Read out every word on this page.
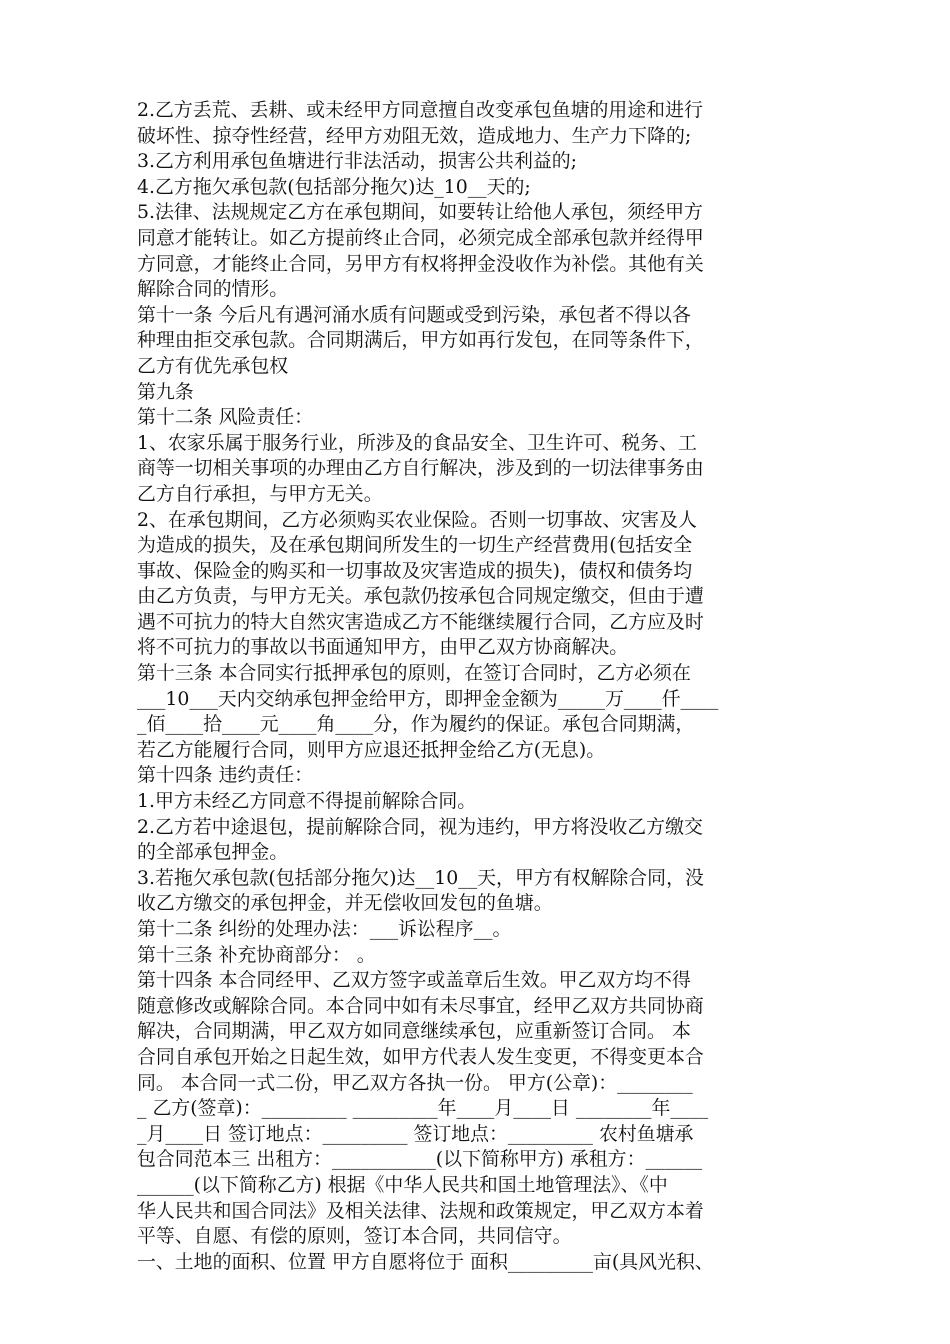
2.乙方丢荒、丢耕、或未经甲方同意擅自改变承包鱼塘的用途和进行
破坏性、掠夺性经营，经甲方劝阻无效，造成地力、生产力下降的;
3.乙方利用承包鱼塘进行非法活动，损害公共利益的;
4.乙方拖欠承包款(包括部分拖欠)达_10__天的;
5.法律、法规规定乙方在承包期间，如要转让给他人承包，须经甲方
同意才能转让。如乙方提前终止合同，必须完成全部承包款并经得甲
方同意，才能终止合同，另甲方有权将押金没收作为补偿。其他有关
解除合同的情形。
第十一条 今后凡有遇河涌水质有问题或受到污染，承包者不得以各
种理由拒交承包款。合同期满后，甲方如再行发包，在同等条件下，
乙方有优先承包权
第九条
第十二条 风险责任：
1、农家乐属于服务行业，所涉及的食品安全、卫生许可、税务、工
商等一切相关事项的办理由乙方自行解决，涉及到的一切法律事务由
乙方自行承担，与甲方无关。
2、在承包期间，乙方必须购买农业保险。否则一切事故、灾害及人
为造成的损失，及在承包期间所发生的一切生产经营费用(包括安全
事故、保险金的购买和一切事故及灾害造成的损失)，债权和债务均
由乙方负责，与甲方无关。承包款仍按承包合同规定缴交，但由于遭
遇不可抗力的特大自然灾害造成乙方不能继续履行合同，乙方应及时
将不可抗力的事故以书面通知甲方，由甲乙双方协商解决。
第十三条 本合同实行抵押承包的原则，在签订合同时，乙方必须在
___10___天内交纳承包押金给甲方，即押金金额为_____万____仟____
_佰____拾____元____角____分，作为履约的保证。承包合同期满，
若乙方能履行合同，则甲方应退还抵押金给乙方(无息)。
第十四条 违约责任：
1.甲方未经乙方同意不得提前解除合同。
2.乙方若中途退包，提前解除合同，视为违约，甲方将没收乙方缴交
的全部承包押金。
3.若拖欠承包款(包括部分拖欠)达__10__天，甲方有权解除合同，没
收乙方缴交的承包押金，并无偿收回发包的鱼塘。
第十二条 纠纷的处理办法：___诉讼程序__。
第十三条 补充协商部分： 。
第十四条 本合同经甲、乙双方签字或盖章后生效。甲乙双方均不得
随意修改或解除合同。本合同中如有未尽事宜，经甲乙双方共同协商
解决，合同期满，甲乙双方如同意继续承包，应重新签订合同。 本
合同自承包开始之日起生效，如甲方代表人发生变更，不得变更本合
同。 本合同一式二份，甲乙双方各执一份。 甲方(公章)：________
_ 乙方(签章)：_________ _________年____月____日 ________年____
_月____日 签订地点：_________ 签订地点：_________ 农村鱼塘承
包合同范本三 出租方：___________(以下简称甲方) 承租方：______
______(以下简称乙方) 根据《中华人民共和国土地管理法》、《中
华人民共和国合同法》及相关法律、法规和政策规定，甲乙双方本着
平等、自愿、有偿的原则，签订本合同，共同信守。
一、土地的面积、位置 甲方自愿将位于 面积_________亩(具风光积、
